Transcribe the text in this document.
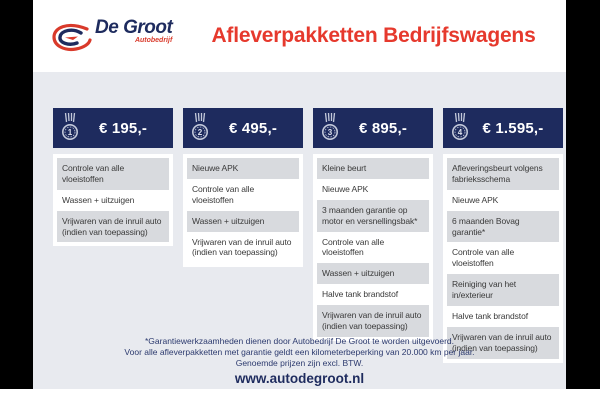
De Groot
Autobedrijf	Afleverpakketten Bedrijfswagens
1	€ 195,-
Controle van alle vloeistoffen
Wassen + uitzuigen
Vrijwaren van de inruil auto (indien van toepassing)
2	€ 495,-
Nieuwe APK
Controle van alle vloeistoffen
Wassen + uitzuigen
Vrijwaren van de inruil auto (indien van toepassing)
3	€ 895,-
Kleine beurt
Nieuwe APK
3 maanden garantie op motor en versnellingsbak*
Controle van alle vloeistoffen
Wassen + uitzuigen
Halve tank brandstof
Vrijwaren van de inruil auto (indien van toepassing)
4	€ 1.595,-
Afleveringsbeurt volgens fabrieksschema
Nieuwe APK
6 maanden Bovag garantie*
Controle van alle vloeistoffen
Reiniging van het in/exterieur
Halve tank brandstof
Vrijwaren van de inruil auto (indien van toepassing)
*Garantiewerkzaamheden dienen door Autobedrijf De Groot te worden uitgevoerd.
Voor alle afleverpakketten met garantie geldt een kilometerbeperking van 20.000 km per jaar.
Genoemde prijzen zijn excl. BTW.
www.autodegroot.nl
